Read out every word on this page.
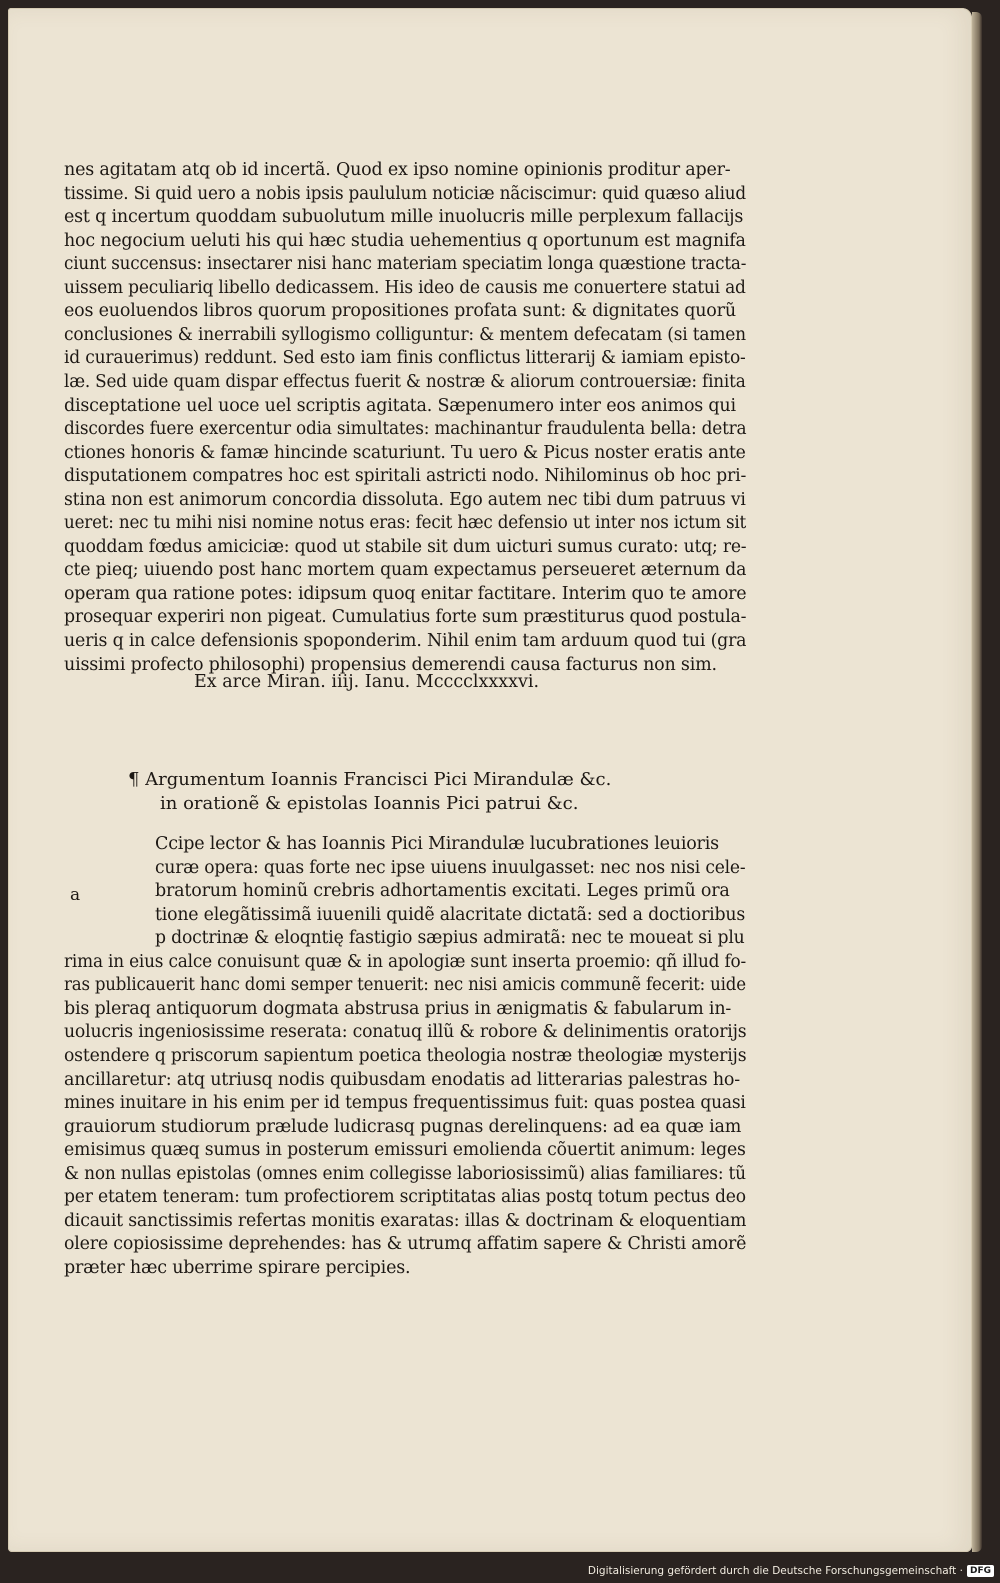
nes agitatam atq ob id incertã. Quod ex ipso nomine opinionis proditur aper-
tissime. Si quid uero a nobis ipsis paululum noticiæ nãciscimur: quid quæso aliud
est q incertum quoddam subuolutum mille inuolucris mille perplexum fallacijs
hoc negocium ueluti his qui hæc studia uehementius q oportunum est magnifa
ciunt succensus: insectarer nisi hanc materiam speciatim longa quæstione tracta-
uissem peculiariq libello dedicassem. His ideo de causis me conuertere statui ad
eos euoluendos libros quorum propositiones profata sunt: & dignitates quorũ
conclusiones & inerrabili syllogismo colliguntur: & mentem defecatam (si tamen
id curauerimus) reddunt. Sed esto iam finis conflictus litterarij & iamiam episto-
læ. Sed uide quam dispar effectus fuerit & nostræ & aliorum controuersiæ: finita
disceptatione uel uoce uel scriptis agitata. Sæpenumero inter eos animos qui
discordes fuere exercentur odia simultates: machinantur fraudulenta bella: detra
ctiones honoris & famæ hincinde scaturiunt. Tu uero & Picus noster eratis ante
disputationem compatres hoc est spiritali astricti nodo. Nihilominus ob hoc pri-
stina non est animorum concordia dissoluta. Ego autem nec tibi dum patruus vi
ueret: nec tu mihi nisi nomine notus eras: fecit hæc defensio ut inter nos ictum sit
quoddam fœdus amiciciæ: quod ut stabile sit dum uicturi sumus curato: utq; re-
cte pieq; uiuendo post hanc mortem quam expectamus perseueret æternum da
operam qua ratione potes: idipsum quoq enitar factitare. Interim quo te amore
prosequar experiri non pigeat. Cumulatius forte sum præstiturus quod postula-
ueris q in calce defensionis spoponderim. Nihil enim tam arduum quod tui (gra
uissimi profecto philosophi) propensius demerendi causa facturus non sim.
Ex arce Miran. iiij. Ianu. Mcccclxxxxvi.
¶ Argumentum Ioannis Francisci Pici Mirandulæ &c.
in orationẽ & epistolas Ioannis Pici patrui &c.
a
Ccipe lector & has Ioannis Pici Mirandulæ lucubrationes leuioris
curæ opera: quas forte nec ipse uiuens inuulgasset: nec nos nisi cele-
bratorum hominũ crebris adhortamentis excitati. Leges primũ ora
tione elegãtissimã iuuenili quidẽ alacritate dictatã: sed a doctioribus
p doctrinæ & eloqntię fastigio sæpius admiratã: nec te moueat si plu
rima in eius calce conuisunt quæ & in apologiæ sunt inserta proemio: qñ illud fo-
ras publicauerit hanc domi semper tenuerit: nec nisi amicis communẽ fecerit: uide
bis pleraq antiquorum dogmata abstrusa prius in ænigmatis & fabularum in-
uolucris ingeniosissime reserata: conatuq illũ & robore & delinimentis oratorijs
ostendere q priscorum sapientum poetica theologia nostræ theologiæ mysterijs
ancillaretur: atq utriusq nodis quibusdam enodatis ad litterarias palestras ho-
mines inuitare in his enim per id tempus frequentissimus fuit: quas postea quasi
grauiorum studiorum prælude ludicrasq pugnas derelinquens: ad ea quæ iam
emisimus quæq sumus in posterum emissuri emolienda cõuertit animum: leges
& non nullas epistolas (omnes enim collegisse laboriosissimũ) alias familiares: tũ
per etatem teneram: tum profectiorem scriptitatas alias postq totum pectus deo
dicauit sanctissimis refertas monitis exaratas: illas & doctrinam & eloquentiam
olere copiosissime deprehendes: has & utrumq affatim sapere & Christi amorẽ
præter hæc uberrime spirare percipies.
Digitalisierung gefördert durch die Deutsche Forschungsgemeinschaft · DFG
